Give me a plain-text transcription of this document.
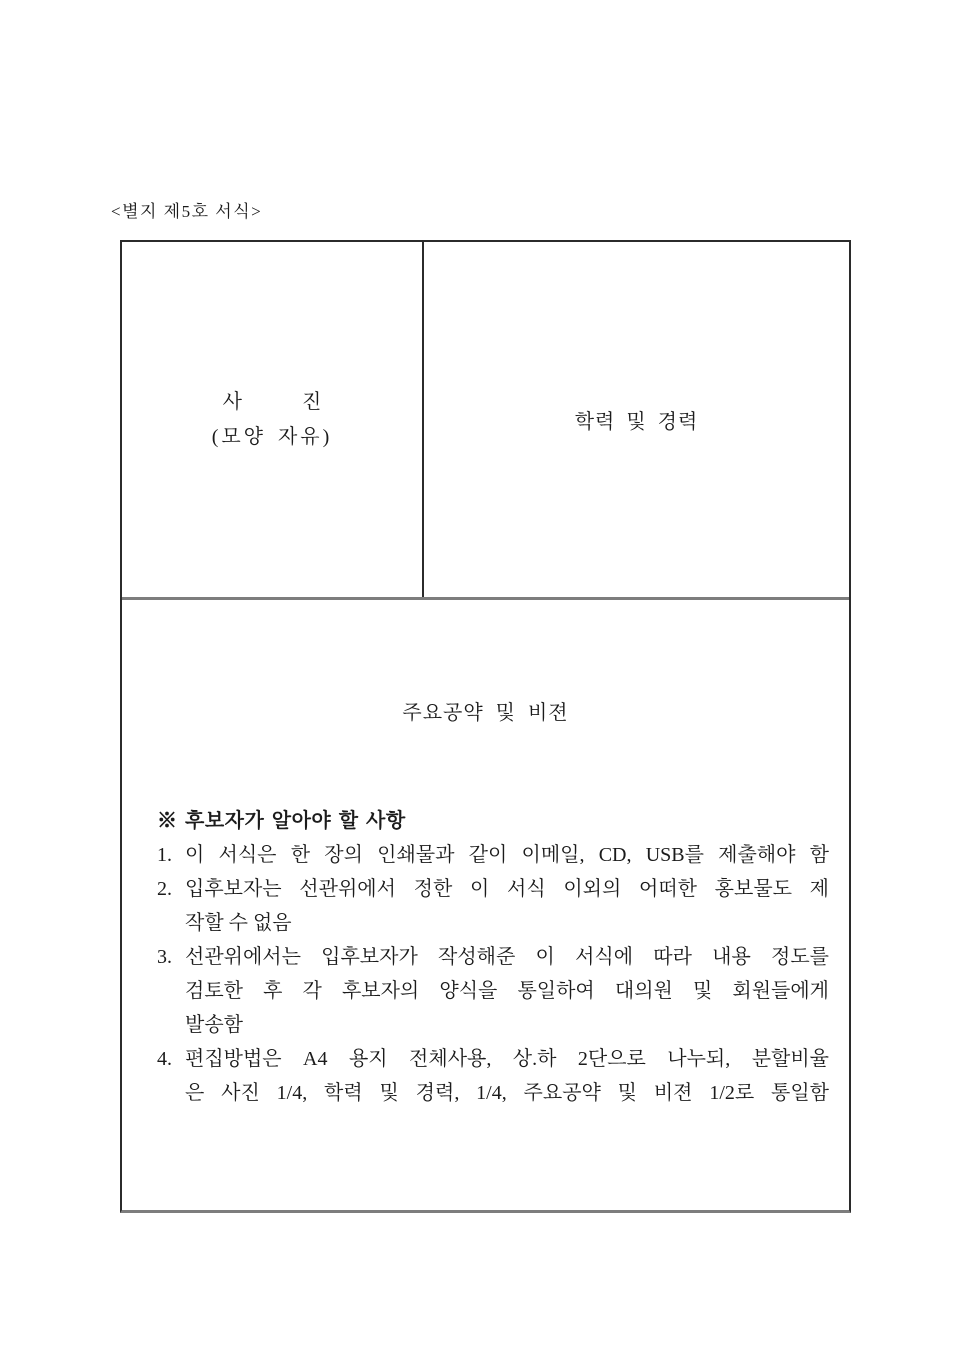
<별지 제5호 서식>
사 진
(모양 자유)
학력 및 경력
주요공약 및 비젼
※ 후보자가 알아야 할 사항
1. 이 서식은 한 장의 인쇄물과 같이 이메일, CD, USB를 제출해야 함
2. 입후보자는 선관위에서 정한 이 서식 이외의 어떠한 홍보물도 제
작할 수 없음
3. 선관위에서는 입후보자가 작성해준 이 서식에 따라 내용 정도를
검토한 후 각 후보자의 양식을 통일하여 대의원 및 회원들에게
발송함
4. 편집방법은 A4 용지 전체사용, 상.하 2단으로 나누되, 분할비율
은 사진 1/4, 학력 및 경력, 1/4, 주요공약 및 비젼 1/2로 통일함
